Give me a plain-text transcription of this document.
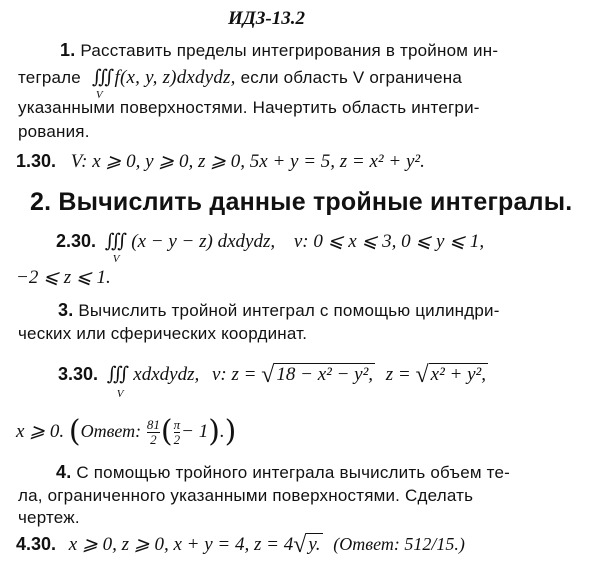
ИДЗ-13.2
1. Расставить пределы интегрирования в тройном ин-
теграле ∭f(x, y, z)dxdydz,
V
если область V ограничена
указанными поверхностями. Начертить область интегри-
рования.
1.30. V: x ⩾ 0, y ⩾ 0, z ⩾ 0, 5x + y = 5, z = x² + y².
2. Вычислить данные тройные интегралы.
2.30. ∭ (x − y − z) dxdydz,
V
v: 0 ⩽ x ⩽ 3, 0 ⩽ y ⩽ 1,
−2 ⩽ z ⩽ 1.
3. Вычислить тройной интеграл с помощью цилиндри-
ческих или сферических координат.
3.30. ∭ xdxdydz,
V
v: z = √ 18 − x² − y², z = √ x² + y²,
x ⩾ 0. (Ответ: $\frac{81}{2}$ ( $\frac{\pi}{2} - 1$).)
4. С помощью тройного интеграла вычислить объем те-
ла, ограниченного указанными поверхностями. Сделать
чертеж.
4.30. x ⩾ 0, z ⩾ 0, x + y = 4, z = 4√ y. (Ответ: 512/15.)
